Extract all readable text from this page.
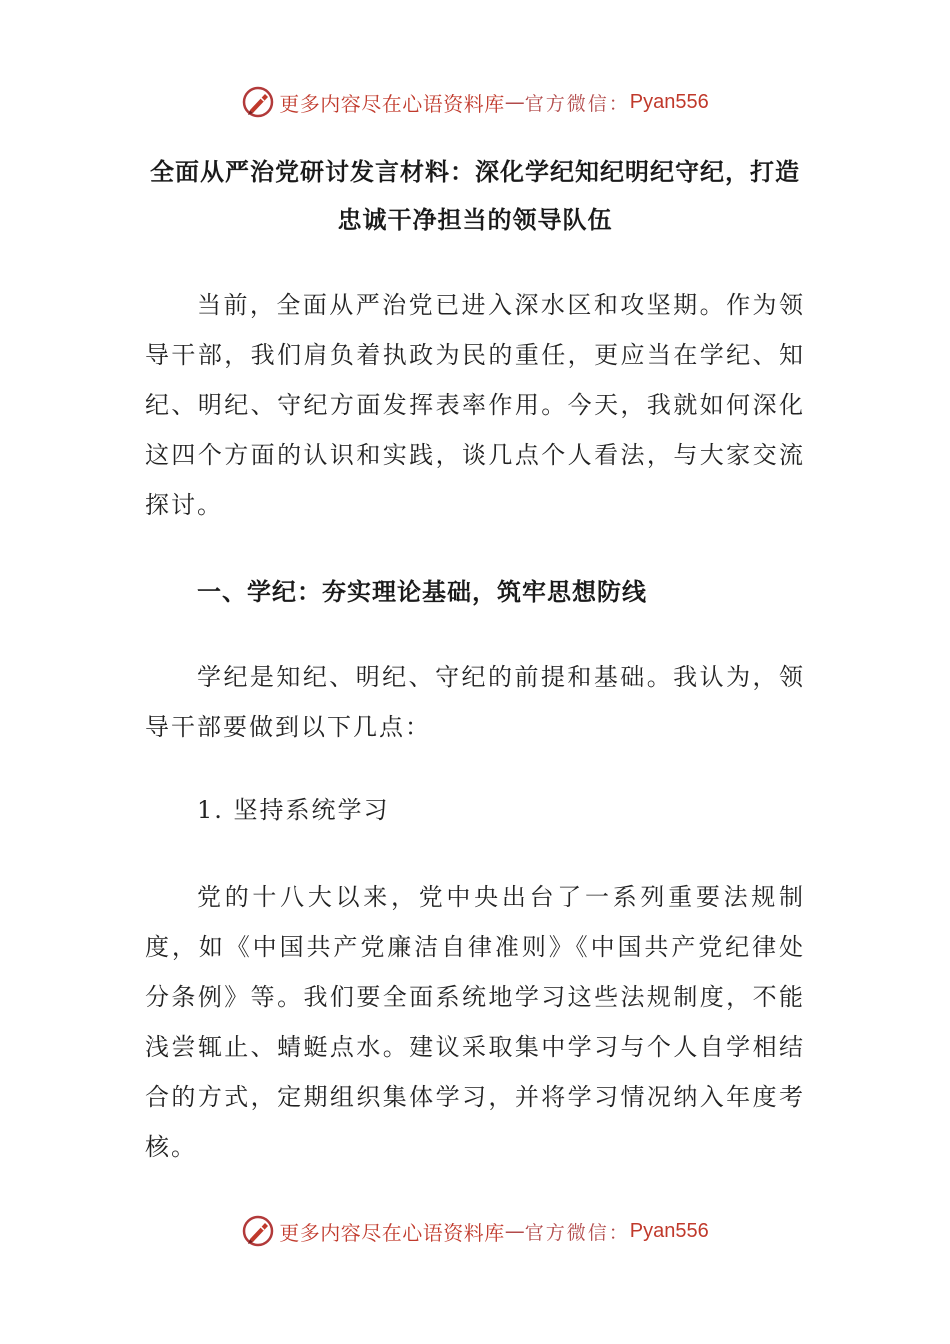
更多内容尽在心语资料库 — 官方微信： Pyan556
全面从严治党研讨发言材料：深化学纪知纪明纪守纪，打造忠诚干净担当的领导队伍

当前，全面从严治党已进入深水区和攻坚期。作为领导干部，我们肩负着执政为民的重任，更应当在学纪、知纪、明纪、守纪方面发挥表率作用。今天，我就如何深化这四个方面的认识和实践，谈几点个人看法，与大家交流探讨。

一、学纪：夯实理论基础，筑牢思想防线

学纪是知纪、明纪、守纪的前提和基础。我认为，领导干部要做到以下几点：

1. 坚持系统学习

党的十八大以来，党中央出台了一系列重要法规制度，如《中国共产党廉洁自律准则》《中国共产党纪律处分条例》等。我们要全面系统地学习这些法规制度，不能浅尝辄止、蜻蜓点水。建议采取集中学习与个人自学相结合的方式，定期组织集体学习，并将学习情况纳入年度考核。

更多内容尽在心语资料库 — 官方微信： Pyan556
